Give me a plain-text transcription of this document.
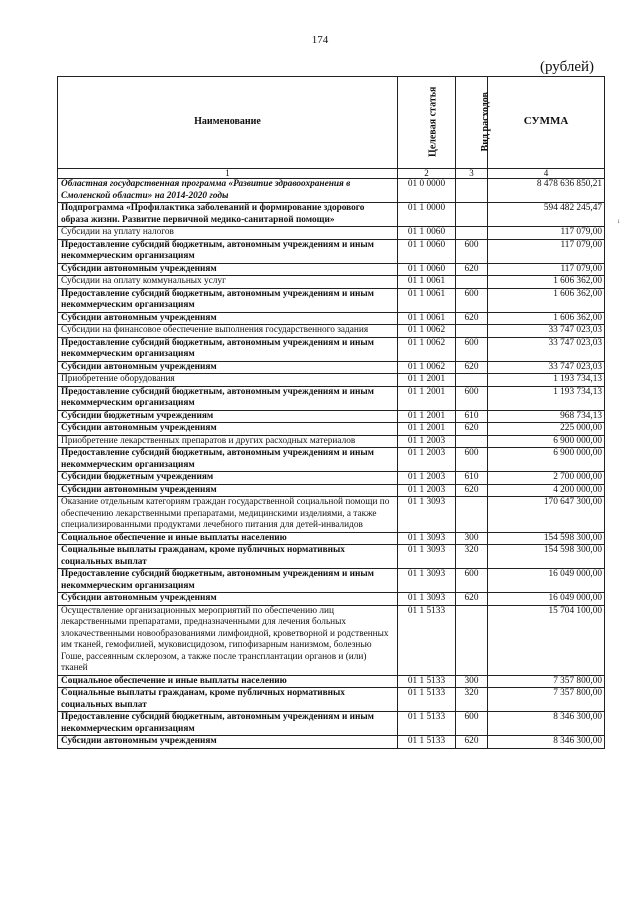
174
(рублей)
ᵢ
Наименование	Целевая статья	Вид расходов	СУММА
1	2	3	4
Областная государственная программа «Развитие здравоохранения в Смоленской области» на 2014-2020 годы	01 0 0000		8 478 636 850,21
Подпрограмма «Профилактика заболеваний и формирование здорового образа жизни. Развитие первичной медико-санитарной помощи»	01 1 0000		594 482 245,47
Субсидии на уплату налогов	01 1 0060		117 079,00
Предоставление субсидий бюджетным, автономным учреждениям и иным некоммерческим организациям	01 1 0060	600	117 079,00
Субсидии автономным учреждениям	01 1 0060	620	117 079,00
Субсидии на оплату коммунальных услуг	01 1 0061		1 606 362,00
Предоставление субсидий бюджетным, автономным учреждениям и иным некоммерческим организациям	01 1 0061	600	1 606 362,00
Субсидии автономным учреждениям	01 1 0061	620	1 606 362,00
Субсидии на финансовое обеспечение выполнения государственного задания	01 1 0062		33 747 023,03
Предоставление субсидий бюджетным, автономным учреждениям и иным некоммерческим организациям	01 1 0062	600	33 747 023,03
Субсидии автономным учреждениям	01 1 0062	620	33 747 023,03
Приобретение оборудования	01 1 2001		1 193 734,13
Предоставление субсидий бюджетным, автономным учреждениям и иным некоммерческим организациям	01 1 2001	600	1 193 734,13
Субсидии бюджетным учреждениям	01 1 2001	610	968 734,13
Субсидии автономным учреждениям	01 1 2001	620	225 000,00
Приобретение лекарственных препаратов и других расходных материалов	01 1 2003		6 900 000,00
Предоставление субсидий бюджетным, автономным учреждениям и иным некоммерческим организациям	01 1 2003	600	6 900 000,00
Субсидии бюджетным учреждениям	01 1 2003	610	2 700 000,00
Субсидии автономным учреждениям	01 1 2003	620	4 200 000,00
Оказание отдельным категориям граждан государственной социальной помощи по обеспечению лекарственными препаратами, медицинскими изделиями, а также специализированными продуктами лечебного питания для детей-инвалидов	01 1 3093		170 647 300,00
Социальное обеспечение и иные выплаты населению	01 1 3093	300	154 598 300,00
Социальные выплаты гражданам, кроме публичных нормативных социальных выплат	01 1 3093	320	154 598 300,00
Предоставление субсидий бюджетным, автономным учреждениям и иным некоммерческим организациям	01 1 3093	600	16 049 000,00
Субсидии автономным учреждениям	01 1 3093	620	16 049 000,00
Осуществление организационных мероприятий по обеспечению лиц лекарственными препаратами, предназначенными для лечения больных злокачественными новообразованиями лимфоидной, кроветворной и родственных им тканей, гемофилией, муковисцидозом, гипофизарным нанизмом, болезнью Гоше, рассеянным склерозом, а также после трансплантации органов и (или) тканей	01 1 5133		15 704 100,00
Социальное обеспечение и иные выплаты населению	01 1 5133	300	7 357 800,00
Социальные выплаты гражданам, кроме публичных нормативных социальных выплат	01 1 5133	320	7 357 800,00
Предоставление субсидий бюджетным, автономным учреждениям и иным некоммерческим организациям	01 1 5133	600	8 346 300,00
Субсидии автономным учреждениям	01 1 5133	620	8 346 300,00
